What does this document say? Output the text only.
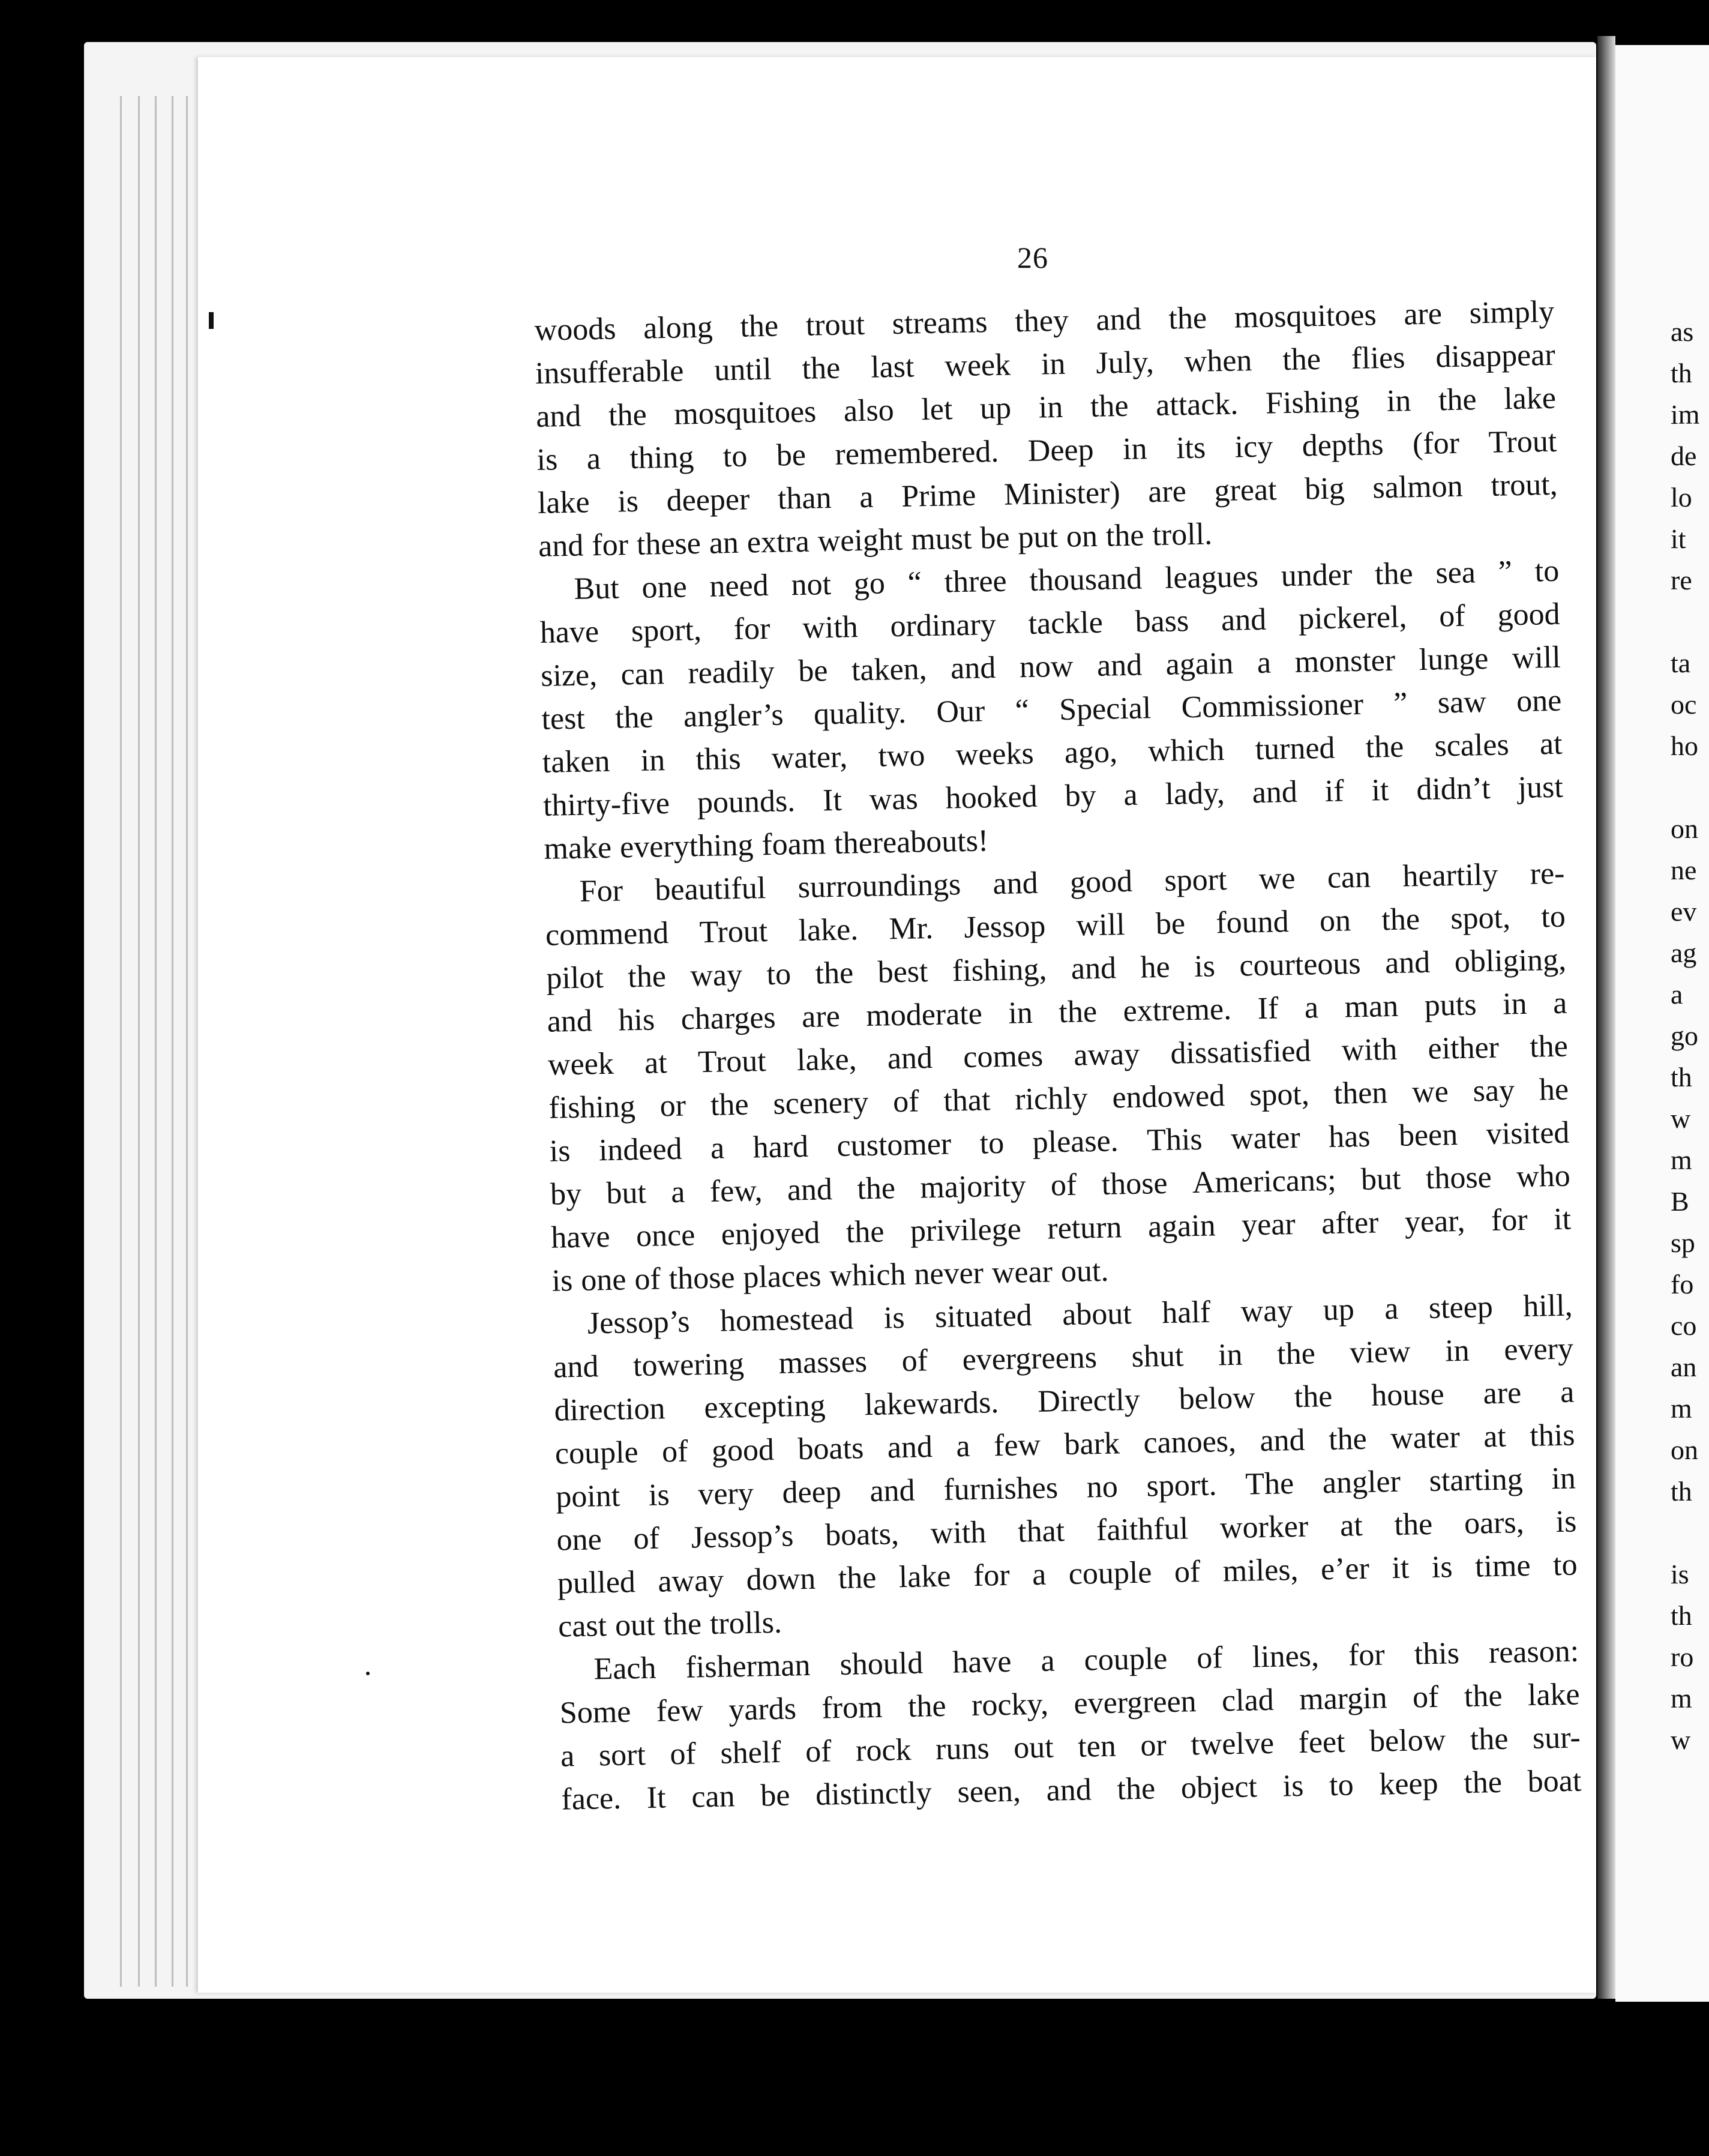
26
woods along the trout streams they and the mosquitoes are simply
insufferable until the last week in July, when the flies disappear
and the mosquitoes also let up in the attack. Fishing in the lake
is a thing to be remembered. Deep in its icy depths (for Trout
lake is deeper than a Prime Minister) are great big salmon trout,
and for these an extra weight must be put on the troll.
But one need not go “ three thousand leagues under the sea ” to
have sport, for with ordinary tackle bass and pickerel, of good
size, can readily be taken, and now and again a monster lunge will
test the angler’s quality. Our “ Special Commissioner ” saw one
taken in this water, two weeks ago, which turned the scales at
thirty-five pounds. It was hooked by a lady, and if it didn’t just
make everything foam thereabouts!
For beautiful surroundings and good sport we can heartily re-
commend Trout lake. Mr. Jessop will be found on the spot, to
pilot the way to the best fishing, and he is courteous and obliging,
and his charges are moderate in the extreme. If a man puts in a
week at Trout lake, and comes away dissatisfied with either the
fishing or the scenery of that richly endowed spot, then we say he
is indeed a hard customer to please. This water has been visited
by but a few, and the majority of those Americans; but those who
have once enjoyed the privilege return again year after year, for it
is one of those places which never wear out.
Jessop’s homestead is situated about half way up a steep hill,
and towering masses of evergreens shut in the view in every
direction excepting lakewards. Directly below the house are a
couple of good boats and a few bark canoes, and the water at this
point is very deep and furnishes no sport. The angler starting in
one of Jessop’s boats, with that faithful worker at the oars, is
pulled away down the lake for a couple of miles, e’er it is time to
cast out the trolls.
Each fisherman should have a couple of lines, for this reason:
Some few yards from the rocky, evergreen clad margin of the lake
a sort of shelf of rock runs out ten or twelve feet below the sur-
face. It can be distinctly seen, and the object is to keep the boat
as
th
im
de
lo
it
re
ta
oc
ho
on
ne
ev
ag
a
go
th
w
m
B
sp
fo
co
an
m
on
th
is
th
ro
m
w
